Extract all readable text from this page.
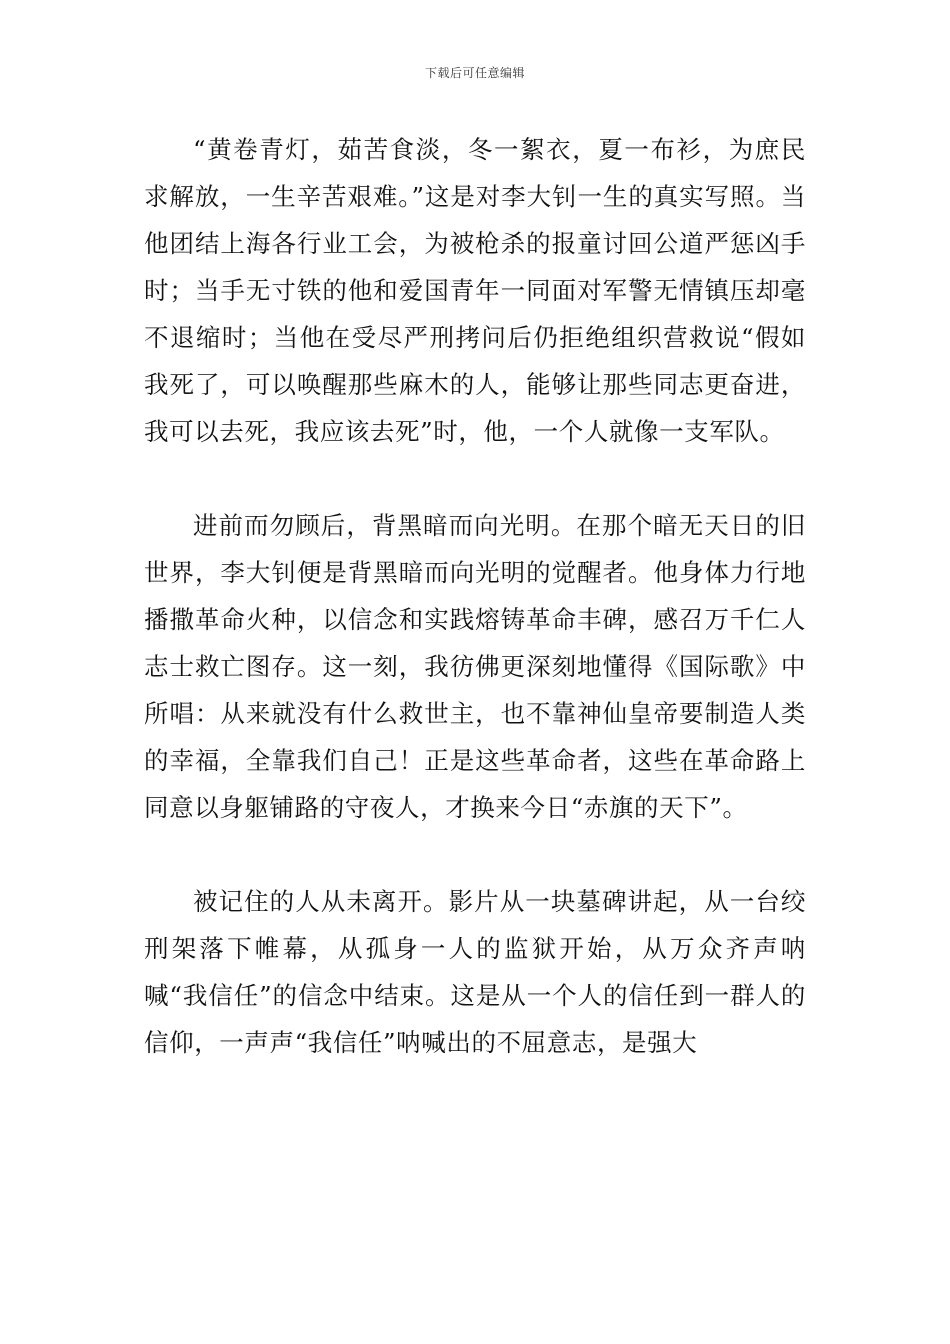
下载后可任意编辑

“黄卷青灯，茹苦食淡，冬一絮衣，夏一布衫，为庶民求解放，一生辛苦艰难。”这是对李大钊一生的真实写照。当他团结上海各行业工会，为被枪杀的报童讨回公道严惩凶手时；当手无寸铁的他和爱国青年一同面对军警无情镇压却毫不退缩时；当他在受尽严刑拷问后仍拒绝组织营救说“假如我死了，可以唤醒那些麻木的人，能够让那些同志更奋进，我可以去死，我应该去死”时，他，一个人就像一支军队。

进前而勿顾后，背黑暗而向光明。在那个暗无天日的旧世界，李大钊便是背黑暗而向光明的觉醒者。他身体力行地播撒革命火种，以信念和实践熔铸革命丰碑，感召万千仁人志士救亡图存。这一刻，我彷佛更深刻地懂得《国际歌》中所唱：从来就没有什么救世主，也不靠神仙皇帝要制造人类的幸福，全靠我们自己！正是这些革命者，这些在革命路上同意以身躯铺路的守夜人，才换来今日“赤旗的天下”。

被记住的人从未离开。影片从一块墓碑讲起，从一台绞刑架落下帷幕，从孤身一人的监狱开始，从万众齐声呐喊“我信任”的信念中结束。这是从一个人的信任到一群人的信仰，一声声“我信任”呐喊出的不屈意志，是强大
